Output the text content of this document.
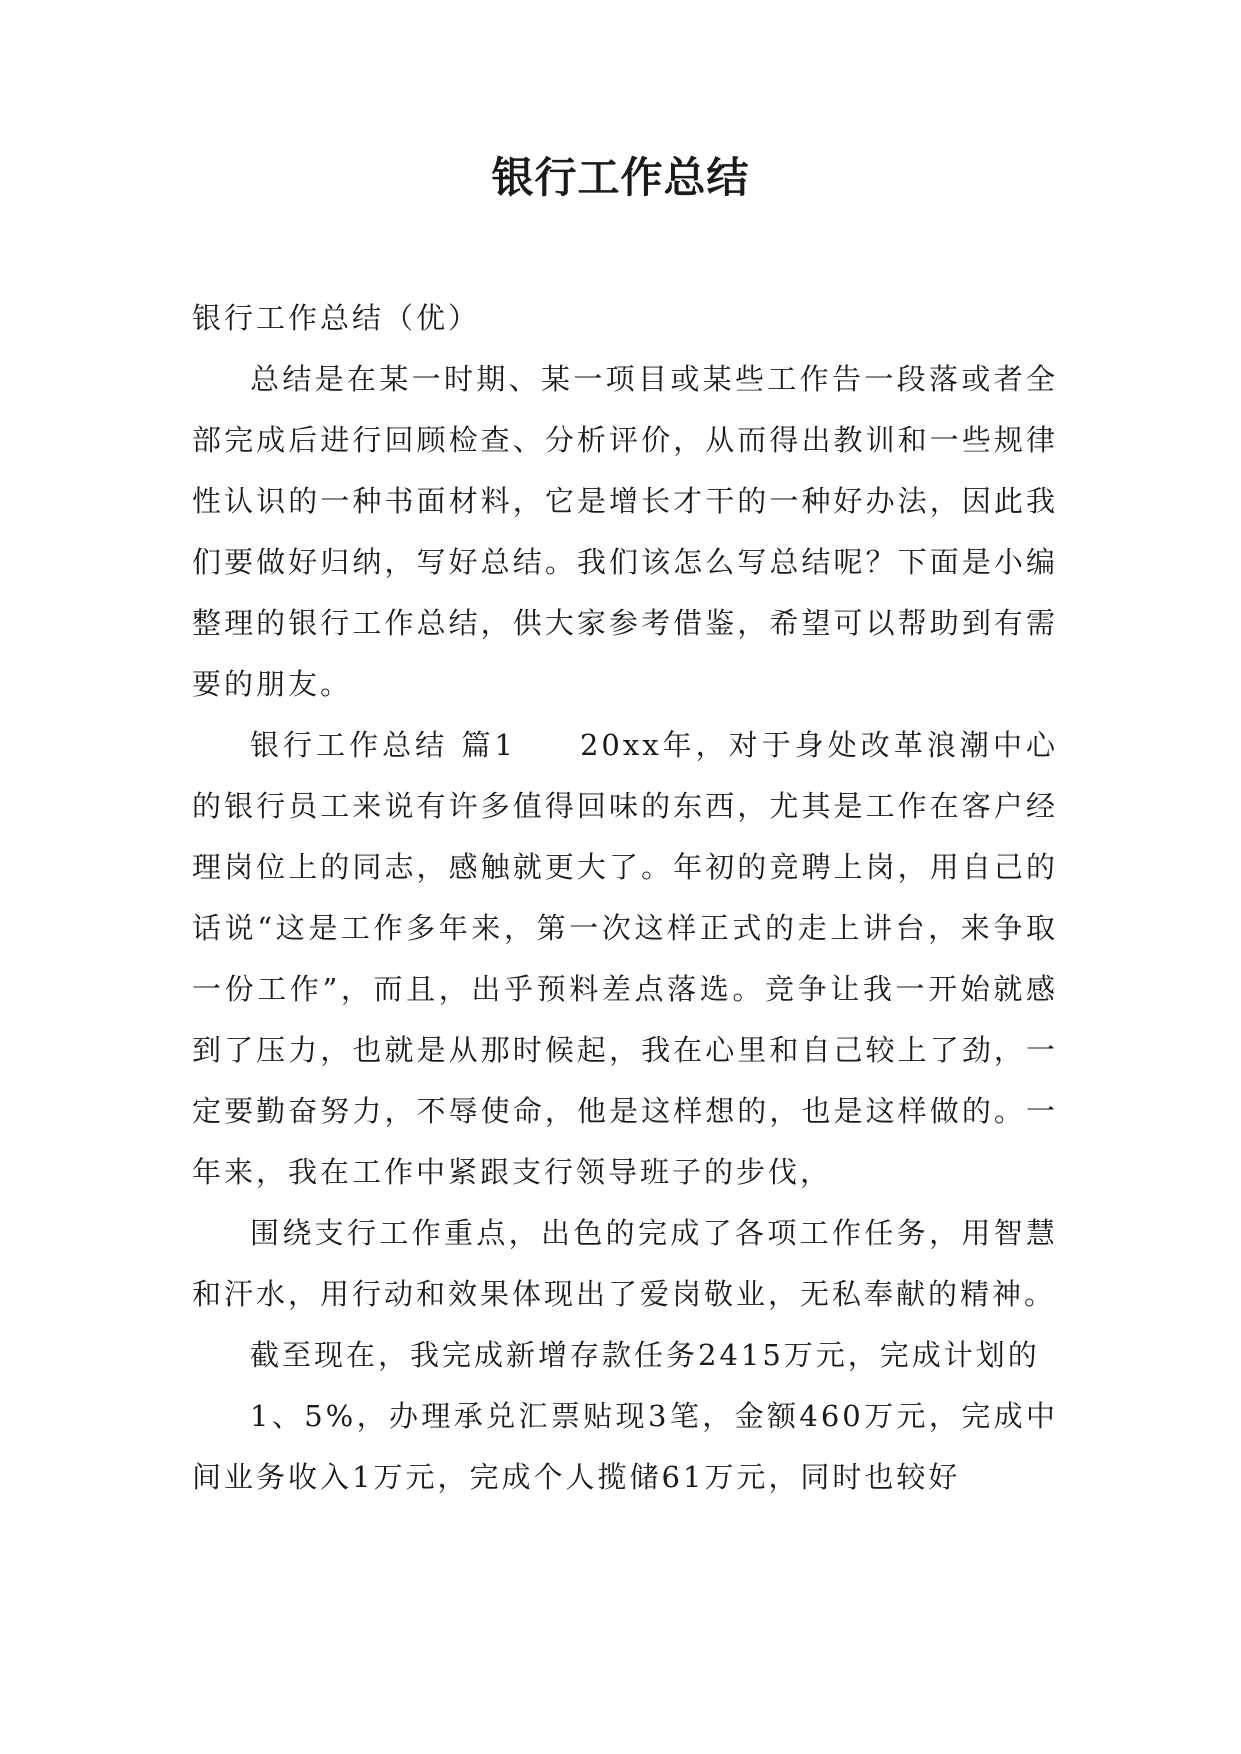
银行工作总结

银行工作总结（优）

总结是在某一时期、某一项目或某些工作告一段落或者全部完成后进行回顾检查、分析评价，从而得出教训和一些规律性认识的一种书面材料，它是增长才干的一种好办法，因此我们要做好归纳，写好总结。我们该怎么写总结呢？下面是小编整理的银行工作总结，供大家参考借鉴，希望可以帮助到有需要的朋友。

银行工作总结 篇1 20xx年，对于身处改革浪潮中心的银行员工来说有许多值得回味的东西，尤其是工作在客户经理岗位上的同志，感触就更大了。年初的竞聘上岗，用自己的话说“这是工作多年来，第一次这样正式的走上讲台，来争取一份工作”，而且，出乎预料差点落选。竞争让我一开始就感到了压力，也就是从那时候起，我在心里和自己较上了劲，一定要勤奋努力，不辱使命，他是这样想的，也是这样做的。一年来，我在工作中紧跟支行领导班子的步伐，

围绕支行工作重点，出色的完成了各项工作任务，用智慧和汗水，用行动和效果体现出了爱岗敬业，无私奉献的精神。

截至现在，我完成新增存款任务2415万元，完成计划的

1、5%，办理承兑汇票贴现3笔，金额460万元，完成中间业务收入1万元，完成个人揽储61万元，同时也较好
